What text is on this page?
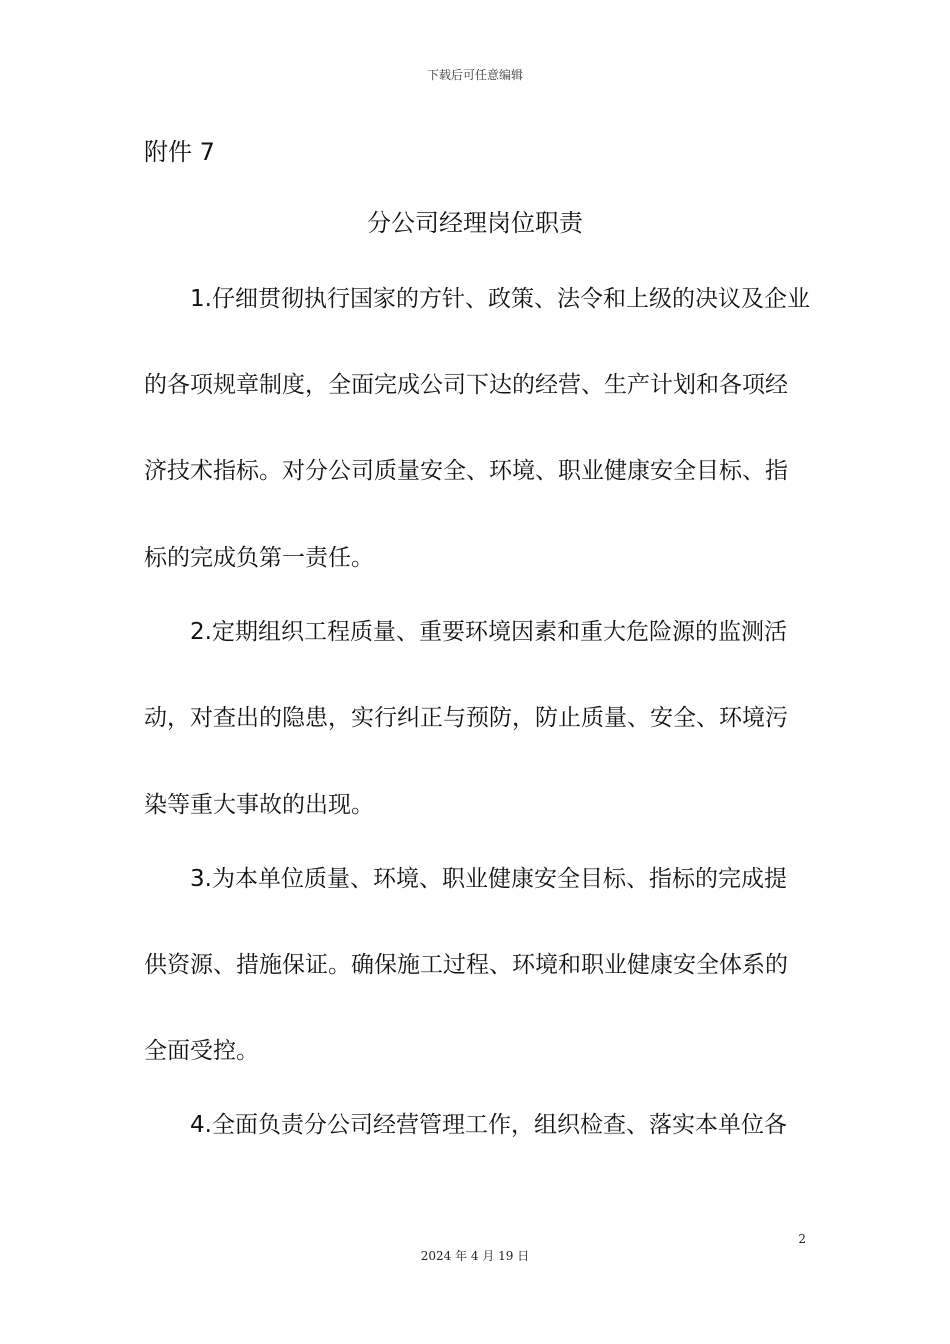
下载后可任意编辑
附件 7
分公司经理岗位职责
1.仔细贯彻执行国家的方针、政策、法令和上级的决议及企业
的各项规章制度，全面完成公司下达的经营、生产计划和各项经
济技术指标。对分公司质量安全、环境、职业健康安全目标、指
标的完成负第一责任。
2.定期组织工程质量、重要环境因素和重大危险源的监测活
动，对查出的隐患，实行纠正与预防，防止质量、安全、环境污
染等重大事故的出现。
3.为本单位质量、环境、职业健康安全目标、指标的完成提
供资源、措施保证。确保施工过程、环境和职业健康安全体系的
全面受控。
4.全面负责分公司经营管理工作，组织检查、落实本单位各
2
2024 年 4 月 19 日
